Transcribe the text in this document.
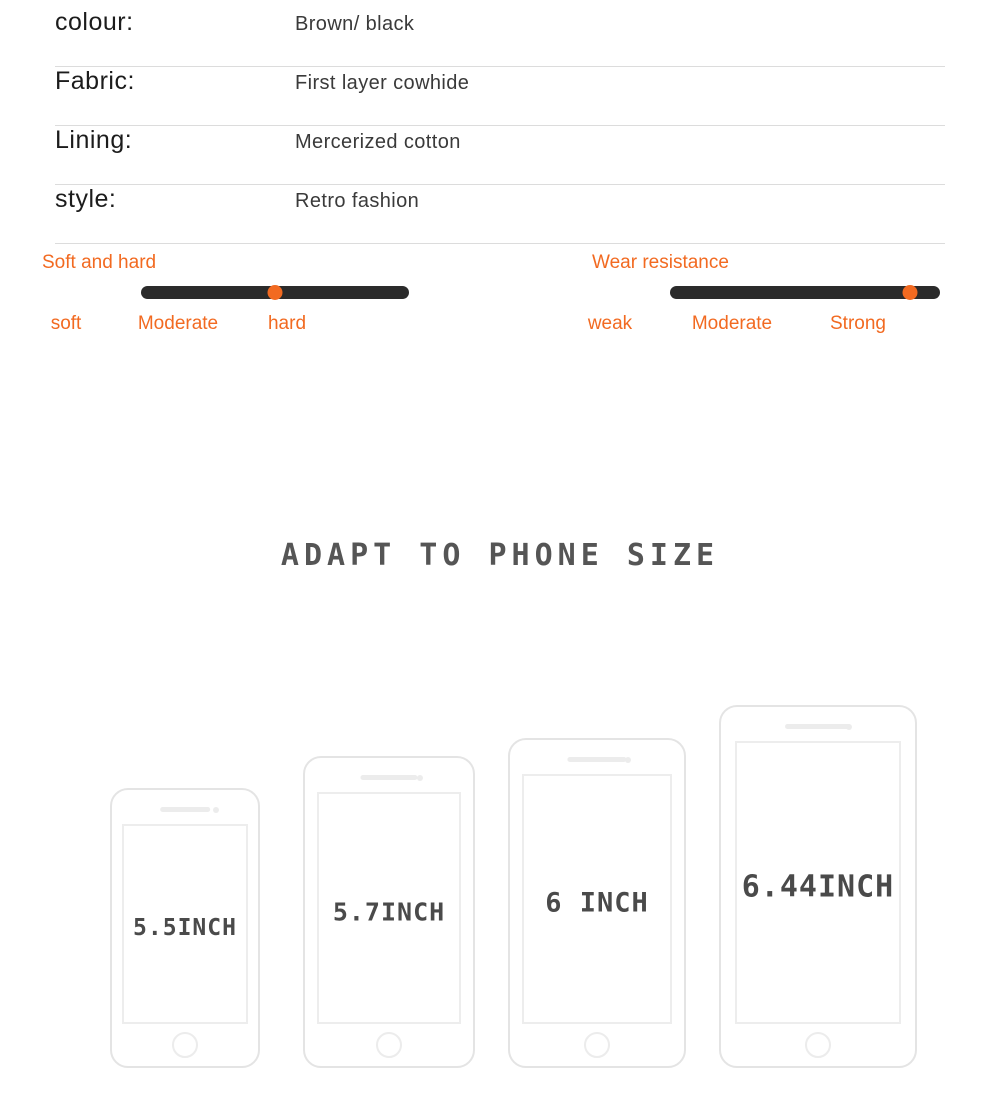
colour:	Brown/ black
Fabric:	First layer cowhide
Lining:	Mercerized cotton
style:	Retro fashion
Soft and hard
soft	Moderate	hard
Wear resistance
weak	Moderate	Strong
ADAPT TO PHONE SIZE
5.5INCH
5.7INCH	6 INCH	6.44INCH
